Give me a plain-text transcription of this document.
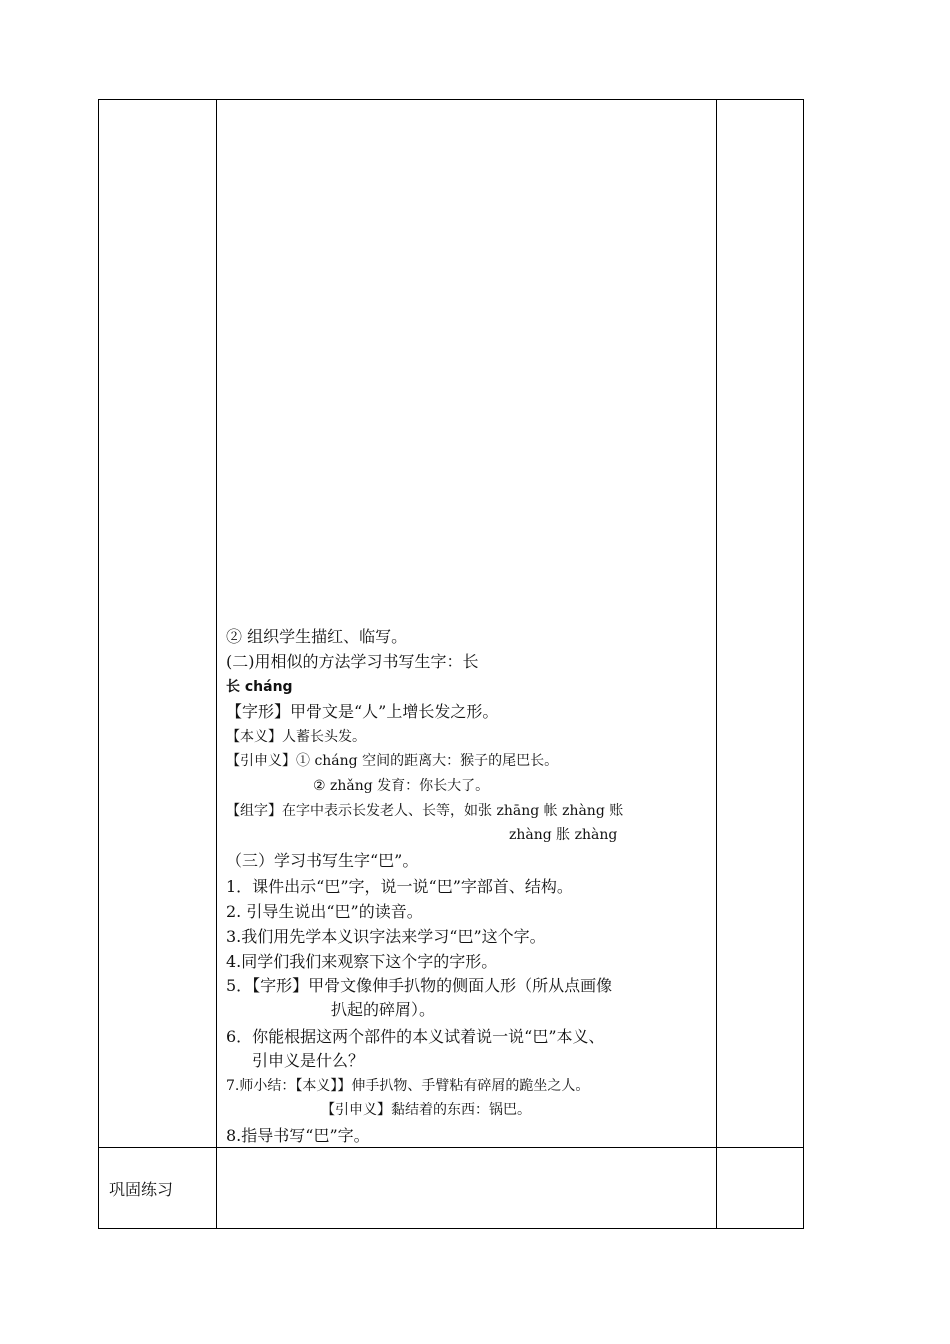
② 组织学生描红、临写。
(二)用相似的方法学习书写生字：长
长 cháng
【字形】甲骨文是“人”上增长发之形。
【本义】人蓄长头发。
【引申义】① cháng 空间的距离大：猴子的尾巴长。
② zhǎng 发育：你长大了。
【组字】在字中表示长发老人、长等，如张 zhāng 帐 zhàng 账
zhàng 胀 zhàng
（三）学习书写生字“巴”。
1．课件出示“巴”字，说一说“巴”字部首、结构。
2. 引导生说出“巴”的读音。
3.我们用先学本义识字法来学习“巴”这个字。
4.同学们我们来观察下这个字的字形。
5．【字形】甲骨文像伸手扒物的侧面人形（所从点画像
扒起的碎屑）。
6．你能根据这两个部件的本义试着说一说“巴”本义、
引申义是什么？
7.师小结：【本义】】伸手扒物、手臂粘有碎屑的跪坐之人。
【引申义】黏结着的东西：锅巴。
8.指导书写“巴”字。
巩固练习
